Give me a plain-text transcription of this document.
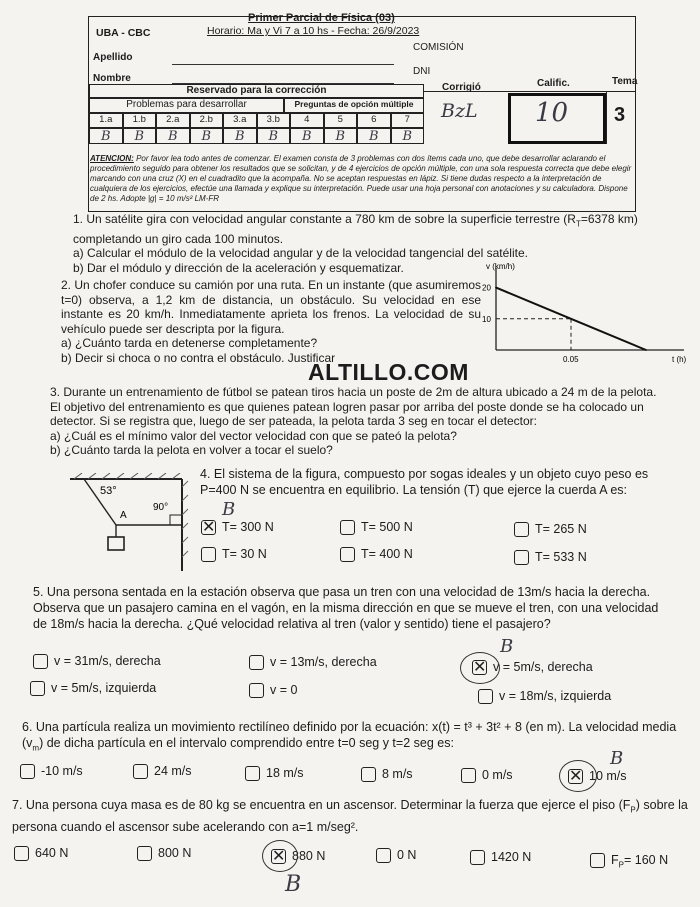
UBA - CBC
Primer Parcial de Física (03)
Horario: Ma y Vi 7 a 10 hs - Fecha: 26/9/2023
Apellido
Nombre
COMISIÓN
DNI
Reservado para la corrección
Problemas para desarrollar	Preguntas de opción múltiple
1.a	1.b	2.a	2.b	3.a	3.b	4	5	6	7
B	B	B	B	B	B	B	B	B	B
Corrigió	Calific.	Tema
BzL 10 3
ATENCION: Por favor lea todo antes de comenzar. El examen consta de 3 problemas con dos ítems cada uno, que debe desarrollar aclarando el procedimiento seguido para obtener los resultados que se solicitan, y de 4 ejercicios de opción múltiple, con una sola respuesta correcta que debe elegir marcando con una cruz (X) en el cuadradito que la acompaña. No se aceptan respuestas en lápiz. Si tiene dudas respecto a la interpretación de cualquiera de los ejercicios, efectúe una llamada y explique su interpretación. Puede usar una hoja personal con anotaciones y su calculadora. Dispone de 2 hs. Adopte |g| = 10 m/s² LM-FR
1. Un satélite gira con velocidad angular constante a 780 km de sobre la superficie terrestre ($R_T=6378$ km) completando un giro cada 100 minutos.
a) Calcular el módulo de la velocidad angular y de la velocidad tangencial del satélite.
b) Dar el módulo y dirección de la aceleración y esquematizar.
2. Un chofer conduce su camión por una ruta. En un instante (que asumiremos t=0) observa, a 1,2 km de distancia, un obstáculo. Su velocidad en ese instante es 20 km/h. Inmediatamente aprieta los frenos. La velocidad de su vehículo puede ser descripta por la figura.
a) ¿Cuánto tarda en detenerse completamente?
b) Decir si choca o no contra el obstáculo. Justificar
v (km/h)
t (h)
20
10
0.05
ALTILLO.COM
3. Durante un entrenamiento de fútbol se patean tiros hacia un poste de 2m de altura ubicado a 24 m de la pelota. El objetivo del entrenamiento es que quienes patean logren pasar por arriba del poste donde se ha colocado un detector. Si se registra que, luego de ser pateada, la pelota tarda 3 seg en tocar el detector:
a) ¿Cuál es el mínimo valor del vector velocidad con que se pateó la pelota?
b) ¿Cuánto tarda la pelota en volver a tocar el suelo?
53°
90°
A
4. El sistema de la figura, compuesto por sogas ideales y un objeto cuyo peso es P=400 N se encuentra en equilibrio. La tensión (T) que ejerce la cuerda A es:
✕T= 300 N	T= 500 N	T= 265 N
T= 30 N	T= 400 N	T= 533 N
B
5. Una persona sentada en la estación observa que pasa un tren con una velocidad de 13m/s hacia la derecha. Observa que un pasajero camina en el vagón, en la misma dirección en que se mueve el tren, con una velocidad de 18m/s hacia la derecha. ¿Qué velocidad relativa al tren (valor y sentido) tiene el pasajero?
v = 31m/s, derecha	v = 13m/s, derecha ✕	v = 5m/s, derecha
B
v = 5m/s, izquierda	v = 0	v = 18m/s, izquierda
6. Una partícula realiza un movimiento rectilíneo definido por la ecuación: x(t) = t³ + 3t² + 8 (en m). La velocidad media $(v_m)$ de dicha partícula en el intervalo comprendido entre t=0 seg y t=2 seg es:
-10 m/s	24 m/s	18 m/s	8 m/s	0 m/s ✕	10 m/s
B
7. Una persona cuya masa es de 80 kg se encuentra en un ascensor. Determinar la fuerza que ejerce el piso $(F_P)$ sobre la persona cuando el ascensor sube acelerando con a=1 m/seg².
640 N	800 N ✕	880 N
B
0 N	1420 N	$F_P= 160$ N
